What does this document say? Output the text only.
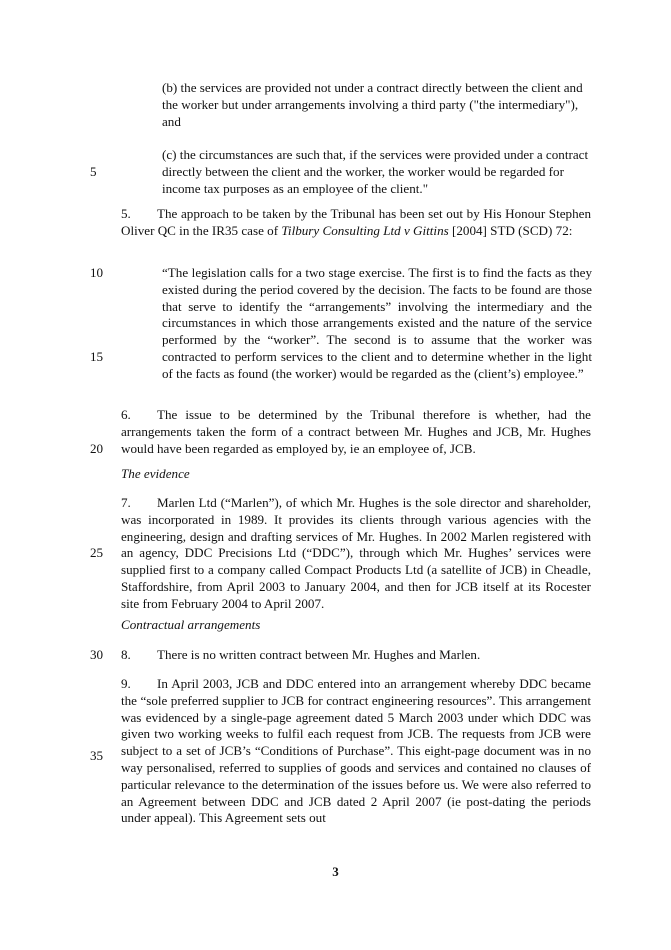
(b) the services are provided not under a contract directly between the client and the worker but under arrangements involving a third party ("the intermediary"), and

(c) the circumstances are such that, if the services were provided under a contract directly between the client and the worker, the worker would be regarded for income tax purposes as an employee of the client."

5. The approach to be taken by the Tribunal has been set out by His Honour Stephen Oliver QC in the IR35 case of Tilbury Consulting Ltd v Gittins [2004] STD (SCD) 72:

“The legislation calls for a two stage exercise. The first is to find the facts as they existed during the period covered by the decision. The facts to be found are those that serve to identify the “arrangements” involving the intermediary and the circumstances in which those arrangements existed and the nature of the service performed by the “worker”. The second is to assume that the worker was contracted to perform services to the client and to determine whether in the light of the facts as found (the worker) would be regarded as the (client’s) employee.”

6. The issue to be determined by the Tribunal therefore is whether, had the arrangements taken the form of a contract between Mr. Hughes and JCB, Mr. Hughes would have been regarded as employed by, ie an employee of, JCB.

The evidence

7. Marlen Ltd (“Marlen”), of which Mr. Hughes is the sole director and shareholder, was incorporated in 1989. It provides its clients through various agencies with the engineering, design and drafting services of Mr. Hughes. In 2002 Marlen registered with an agency, DDC Precisions Ltd (“DDC”), through which Mr. Hughes’ services were supplied first to a company called Compact Products Ltd (a satellite of JCB) in Cheadle, Staffordshire, from April 2003 to January 2004, and then for JCB itself at its Rocester site from February 2004 to April 2007.

Contractual arrangements

8. There is no written contract between Mr. Hughes and Marlen.

9. In April 2003, JCB and DDC entered into an arrangement whereby DDC became the “sole preferred supplier to JCB for contract engineering resources”. This arrangement was evidenced by a single-page agreement dated 5 March 2003 under which DDC was given two working weeks to fulfil each request from JCB. The requests from JCB were subject to a set of JCB’s “Conditions of Purchase”. This eight-page document was in no way personalised, referred to supplies of goods and services and contained no clauses of particular relevance to the determination of the issues before us. We were also referred to an Agreement between DDC and JCB dated 2 April 2007 (ie post-dating the periods under appeal). This Agreement sets out

5
10
15
20
25
30
35
3
